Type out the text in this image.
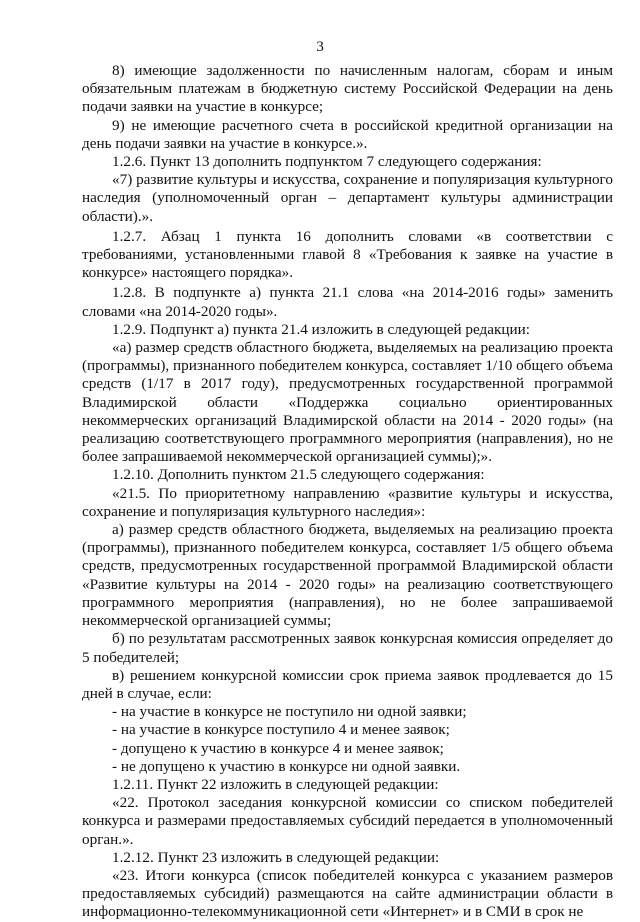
3

8) имеющие задолженности по начисленным налогам, сборам и иным обязательным платежам в бюджетную систему Российской Федерации на день подачи заявки на участие в конкурсе;

9) не имеющие расчетного счета в российской кредитной организации на день подачи заявки на участие в конкурсе.».

1.2.6. Пункт 13 дополнить подпунктом 7 следующего содержания:

«7) развитие культуры и искусства, сохранение и популяризация культурного наследия (уполномоченный орган – департамент культуры администрации области).».

1.2.7. Абзац 1 пункта 16 дополнить словами «в соответствии с требованиями, установленными главой 8 «Требования к заявке на участие в конкурсе» настоящего порядка».

1.2.8. В подпункте а) пункта 21.1 слова «на 2014-2016 годы» заменить словами «на 2014-2020 годы».

1.2.9. Подпункт а) пункта 21.4 изложить в следующей редакции:

«а) размер средств областного бюджета, выделяемых на реализацию проекта (программы), признанного победителем конкурса, составляет 1/10 общего объема средств (1/17 в 2017 году), предусмотренных государственной программой Владимирской области «Поддержка социально ориентированных некоммерческих организаций Владимирской области на 2014 - 2020 годы» (на реализацию соответствующего программного мероприятия (направления), но не более запрашиваемой некоммерческой организацией суммы);».

1.2.10. Дополнить пунктом 21.5 следующего содержания:

«21.5. По приоритетному направлению «развитие культуры и искусства, сохранение и популяризация культурного наследия»:

а) размер средств областного бюджета, выделяемых на реализацию проекта (программы), признанного победителем конкурса, составляет 1/5 общего объема средств, предусмотренных государственной программой Владимирской области «Развитие культуры на 2014 - 2020 годы» на реализацию соответствующего программного мероприятия (направления), но не более запрашиваемой некоммерческой организацией суммы;

б) по результатам рассмотренных заявок конкурсная комиссия определяет до 5 победителей;

в) решением конкурсной комиссии срок приема заявок продлевается до 15 дней в случае, если:

- на участие в конкурсе не поступило ни одной заявки;

- на участие в конкурсе поступило 4 и менее заявок;

- допущено к участию в конкурсе 4 и менее заявок;

- не допущено к участию в конкурсе ни одной заявки.

1.2.11. Пункт 22 изложить в следующей редакции:

«22. Протокол заседания конкурсной комиссии со списком победителей конкурса и размерами предоставляемых субсидий передается в уполномоченный орган.».

1.2.12. Пункт 23 изложить в следующей редакции:

«23. Итоги конкурса (список победителей конкурса с указанием размеров предоставляемых субсидий) размещаются на сайте администрации области в информационно-телекоммуникационной сети «Интернет» и в СМИ в срок не
